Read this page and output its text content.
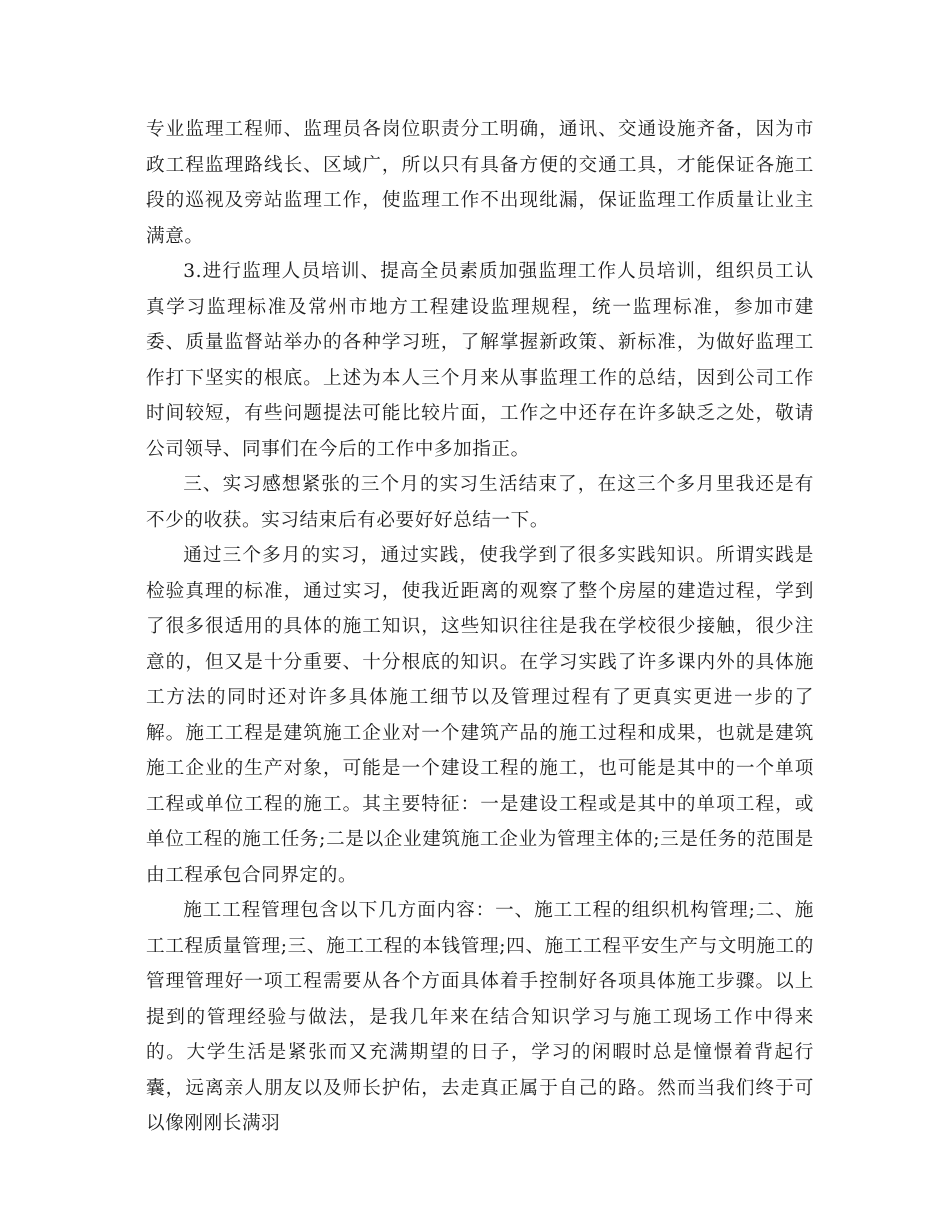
专业监理工程师、监理员各岗位职责分工明确，通讯、交通设施齐备，因为市政工程监理路线长、区域广，所以只有具备方便的交通工具，才能保证各施工段的巡视及旁站监理工作，使监理工作不出现纰漏，保证监理工作质量让业主满意。

3.进行监理人员培训、提高全员素质加强监理工作人员培训，组织员工认真学习监理标准及常州市地方工程建设监理规程，统一监理标准，参加市建委、质量监督站举办的各种学习班，了解掌握新政策、新标准，为做好监理工作打下坚实的根底。上述为本人三个月来从事监理工作的总结，因到公司工作时间较短，有些问题提法可能比较片面，工作之中还存在许多缺乏之处，敬请公司领导、同事们在今后的工作中多加指正。

三、实习感想紧张的三个月的实习生活结束了，在这三个多月里我还是有不少的收获。实习结束后有必要好好总结一下。

通过三个多月的实习，通过实践，使我学到了很多实践知识。所谓实践是检验真理的标准，通过实习，使我近距离的观察了整个房屋的建造过程，学到了很多很适用的具体的施工知识，这些知识往往是我在学校很少接触，很少注意的，但又是十分重要、十分根底的知识。在学习实践了许多课内外的具体施工方法的同时还对许多具体施工细节以及管理过程有了更真实更进一步的了解。施工工程是建筑施工企业对一个建筑产品的施工过程和成果，也就是建筑施工企业的生产对象，可能是一个建设工程的施工，也可能是其中的一个单项工程或单位工程的施工。其主要特征：一是建设工程或是其中的单项工程，或单位工程的施工任务;二是以企业建筑施工企业为管理主体的;三是任务的范围是由工程承包合同界定的。

施工工程管理包含以下几方面内容：一、施工工程的组织机构管理;二、施工工程质量管理;三、施工工程的本钱管理;四、施工工程平安生产与文明施工的管理管理好一项工程需要从各个方面具体着手控制好各项具体施工步骤。以上提到的管理经验与做法，是我几年来在结合知识学习与施工现场工作中得来的。大学生活是紧张而又充满期望的日子，学习的闲暇时总是憧憬着背起行囊，远离亲人朋友以及师长护佑，去走真正属于自己的路。然而当我们终于可以像刚刚长满羽
